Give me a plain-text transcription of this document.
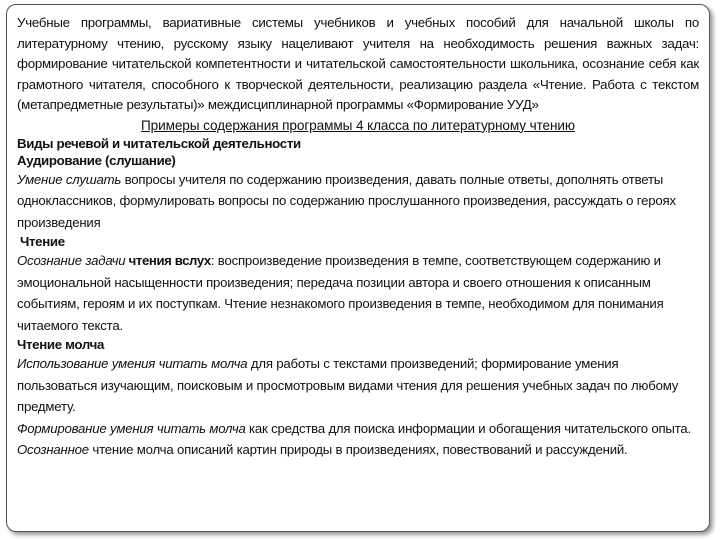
Учебные программы, вариативные системы учебников и учебных пособий для начальной школы по литературному чтению, русскому языку нацеливают учителя на необходимость решения важных задач: формирование читательской компетентности и читательской самостоятельности школьника, осознание себя как грамотного читателя, способного к творческой деятельности, реализацию раздела «Чтение. Работа с текстом (метапредметные результаты)» междисциплинарной программы «Формирование УУД»

Примеры содержания программы 4 класса по литературному чтению

Виды речевой и читательской деятельности

Аудирование (слушание)

Умение слушать вопросы учителя по содержанию произведения, давать полные ответы, дополнять ответы одноклассников, формулировать вопросы по содержанию прослушанного произведения, рассуждать о героях произведения

Чтение

Осознание задачи чтения вслух: воспроизведение произведения в темпе, соответствующем содержанию и эмоциональной насыщенности произведения; передача позиции автора и своего отношения к описанным событиям, героям и их поступкам. Чтение незнакомого произведения в темпе, необходимом для понимания читаемого текста.

Чтение молча

Использование умения читать молча для работы с текстами произведений; формирование умения пользоваться изучающим, поисковым и просмотровым видами чтения для решения учебных задач по любому предмету.

Формирование умения читать молча как средства для поиска информации и обогащения читательского опыта.

Осознанное чтение молча описаний картин природы в произведениях, повествований и рассуждений.
